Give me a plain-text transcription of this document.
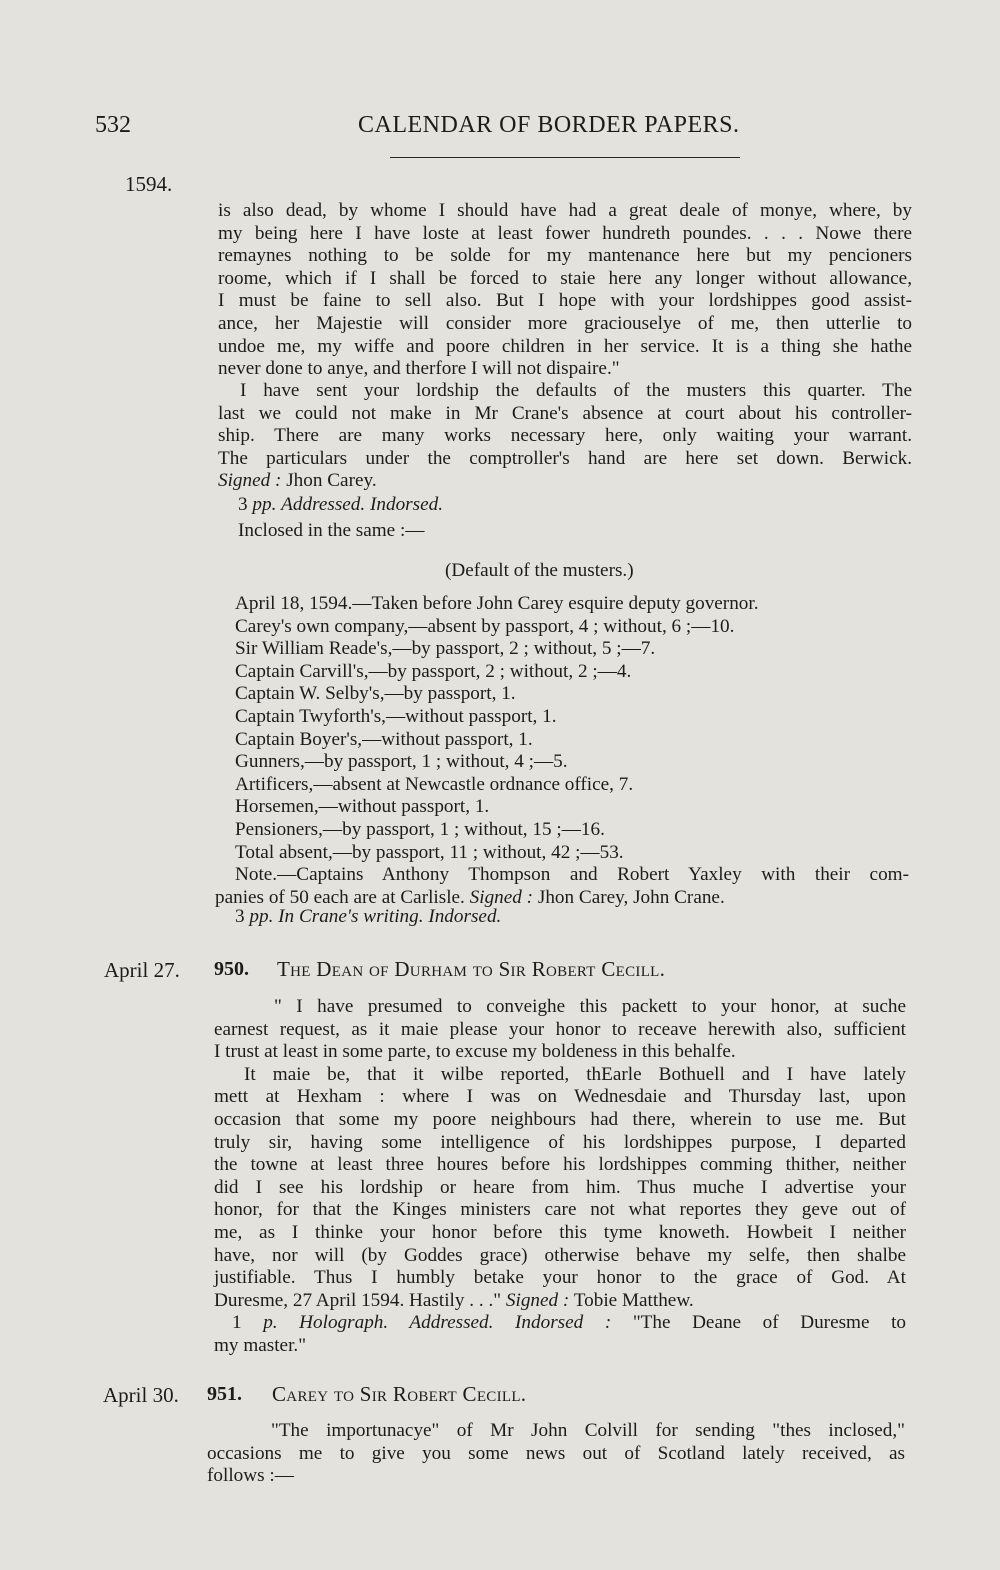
532	CALENDAR OF BORDER PAPERS.
1594.
is also dead, by whome I should have had a great deale of monye, where, by
my being here I have loste at least fower hundreth poundes. . . . Nowe there
remaynes nothing to be solde for my mantenance here but my pencioners
roome, which if I shall be forced to staie here any longer without allowance,
I must be faine to sell also. But I hope with your lordshippes good assist-
ance, her Majestie will consider more graciouselye of me, then utterlie to
undoe me, my wiffe and poore children in her service. It is a thing she hathe
never done to anye, and therfore I will not dispaire."
I have sent your lordship the defaults of the musters this quarter. The
last we could not make in Mr Crane's absence at court about his controller-
ship. There are many works necessary here, only waiting your warrant.
The particulars under the comptroller's hand are here set down. Berwick.
Signed : Jhon Carey.
3 pp. Addressed. Indorsed.
Inclosed in the same :—
(Default of the musters.)
April 18, 1594.—Taken before John Carey esquire deputy governor.
Carey's own company,—absent by passport, 4 ; without, 6 ;—10.
Sir William Reade's,—by passport, 2 ; without, 5 ;—7.
Captain Carvill's,—by passport, 2 ; without, 2 ;—4.
Captain W. Selby's,—by passport, 1.
Captain Twyforth's,—without passport, 1.
Captain Boyer's,—without passport, 1.
Gunners,—by passport, 1 ; without, 4 ;—5.
Artificers,—absent at Newcastle ordnance office, 7.
Horsemen,—without passport, 1.
Pensioners,—by passport, 1 ; without, 15 ;—16.
Total absent,—by passport, 11 ; without, 42 ;—53.
Note.—Captains Anthony Thompson and Robert Yaxley with their com-
panies of 50 each are at Carlisle. Signed : Jhon Carey, John Crane.
3 pp. In Crane's writing. Indorsed.
April 27. 950. The Dean of Durham to Sir Robert Cecill.
" I have presumed to conveighe this packett to your honor, at suche
earnest request, as it maie please your honor to receave herewith also, sufficient
I trust at least in some parte, to excuse my boldeness in this behalfe.
It maie be, that it wilbe reported, thEarle Bothuell and I have lately
mett at Hexham : where I was on Wednesdaie and Thursday last, upon
occasion that some my poore neighbours had there, wherein to use me. But
truly sir, having some intelligence of his lordshippes purpose, I departed
the towne at least three houres before his lordshippes comming thither, neither
did I see his lordship or heare from him. Thus muche I advertise your
honor, for that the Kinges ministers care not what reportes they geve out of
me, as I thinke your honor before this tyme knoweth. Howbeit I neither
have, nor will (by Goddes grace) otherwise behave my selfe, then shalbe
justifiable. Thus I humbly betake your honor to the grace of God. At
Duresme, 27 April 1594. Hastily . . ." Signed : Tobie Matthew.
1 p. Holograph. Addressed. Indorsed : "The Deane of Duresme to
my master."
April 30. 951. Carey to Sir Robert Cecill.
"The importunacye" of Mr John Colvill for sending "thes inclosed,"
occasions me to give you some news out of Scotland lately received, as
follows :—
